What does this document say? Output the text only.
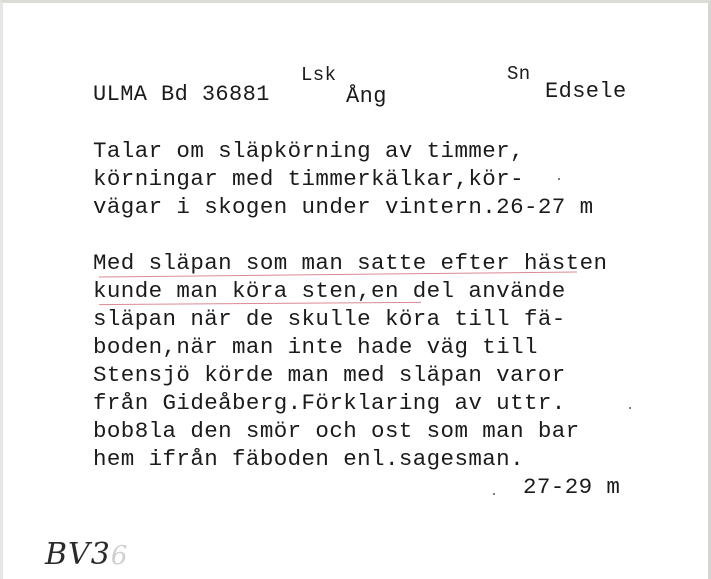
ULMA Bd 36881
Lsk
Ång
Sn
Edsele
Talar om släpkörning av timmer,
körningar med timmerkälkar,kör-
vägar i skogen under vintern.26-27 m
Med släpan som man satte efter hästen
kunde man köra sten,en del använde
släpan när de skulle köra till fä-
boden,när man inte hade väg till
Stensjö körde man med släpan varor
från Gideåberg.Förklaring av uttr.
bob8la den smör och ost som man bar
hem ifrån fäboden enl.sagesman.
27-29 m
BV36
